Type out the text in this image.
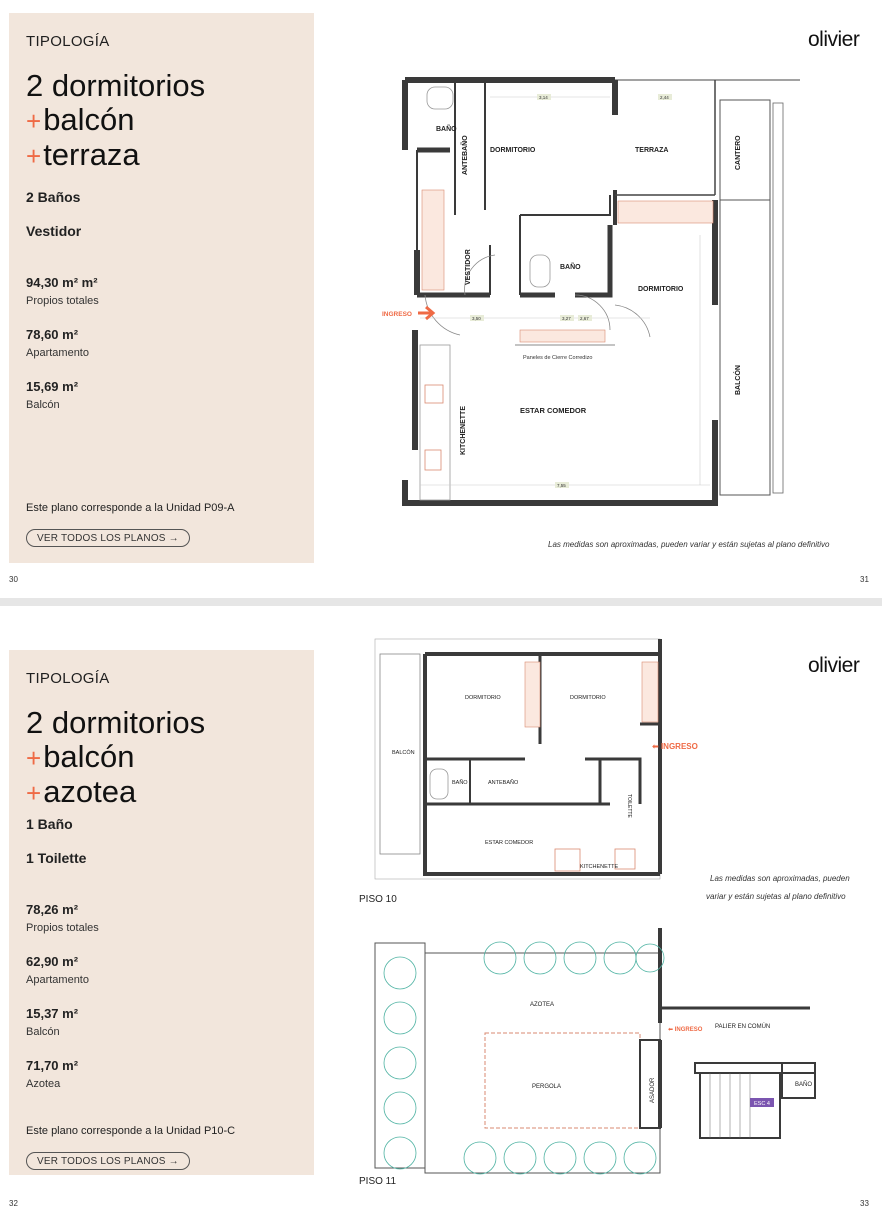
TIPOLOGÍA
2 dormitorios
+balcón
+terraza
2 Baños
Vestidor
94,30 m² m²
Propios totales
78,60 m²
Apartamento
15,69 m²
Balcón
Este plano corresponde a la Unidad P09-A
VER TODOS LOS PLANOS →
30	31
olivier
Las medidas son aproximadas, pueden variar y están sujetas al plano definitivo
BAÑO
DORMITORIO	TERRAZA	CANTERO
ANTEBAÑO
VESTIDOR	BAÑO
DORMITORIO
BALCÓN
KITCHENETTE	ESTAR COMEDOR
Paneles de Cierre Corredizo
INGRESO
3,14	2,44
2,67
3,50	3,27
7,55
TIPOLOGÍA
2 dormitorios
+balcón
+azotea
1 Baño
1 Toilette
78,26 m²
Propios totales
62,90 m²
Apartamento
15,37 m²
Balcón
71,70 m²
Azotea
Este plano corresponde a la Unidad P10-C
VER TODOS LOS PLANOS →
32	33
olivier
Las medidas son aproximadas, pueden
variar y están sujetas al plano definitivo
DORMITORIO	DORMITORIO
BALCÓN
BAÑO	ANTEBAÑO
TOILETTE
ESTAR COMEDOR
KITCHENETTE
PISO 10
⬅ INGRESO
ESC 4
AZOTEA
PERGOLA	ASADOR
PALIER EN COMÚN
BAÑO
⬅ INGRESO
PISO 11
